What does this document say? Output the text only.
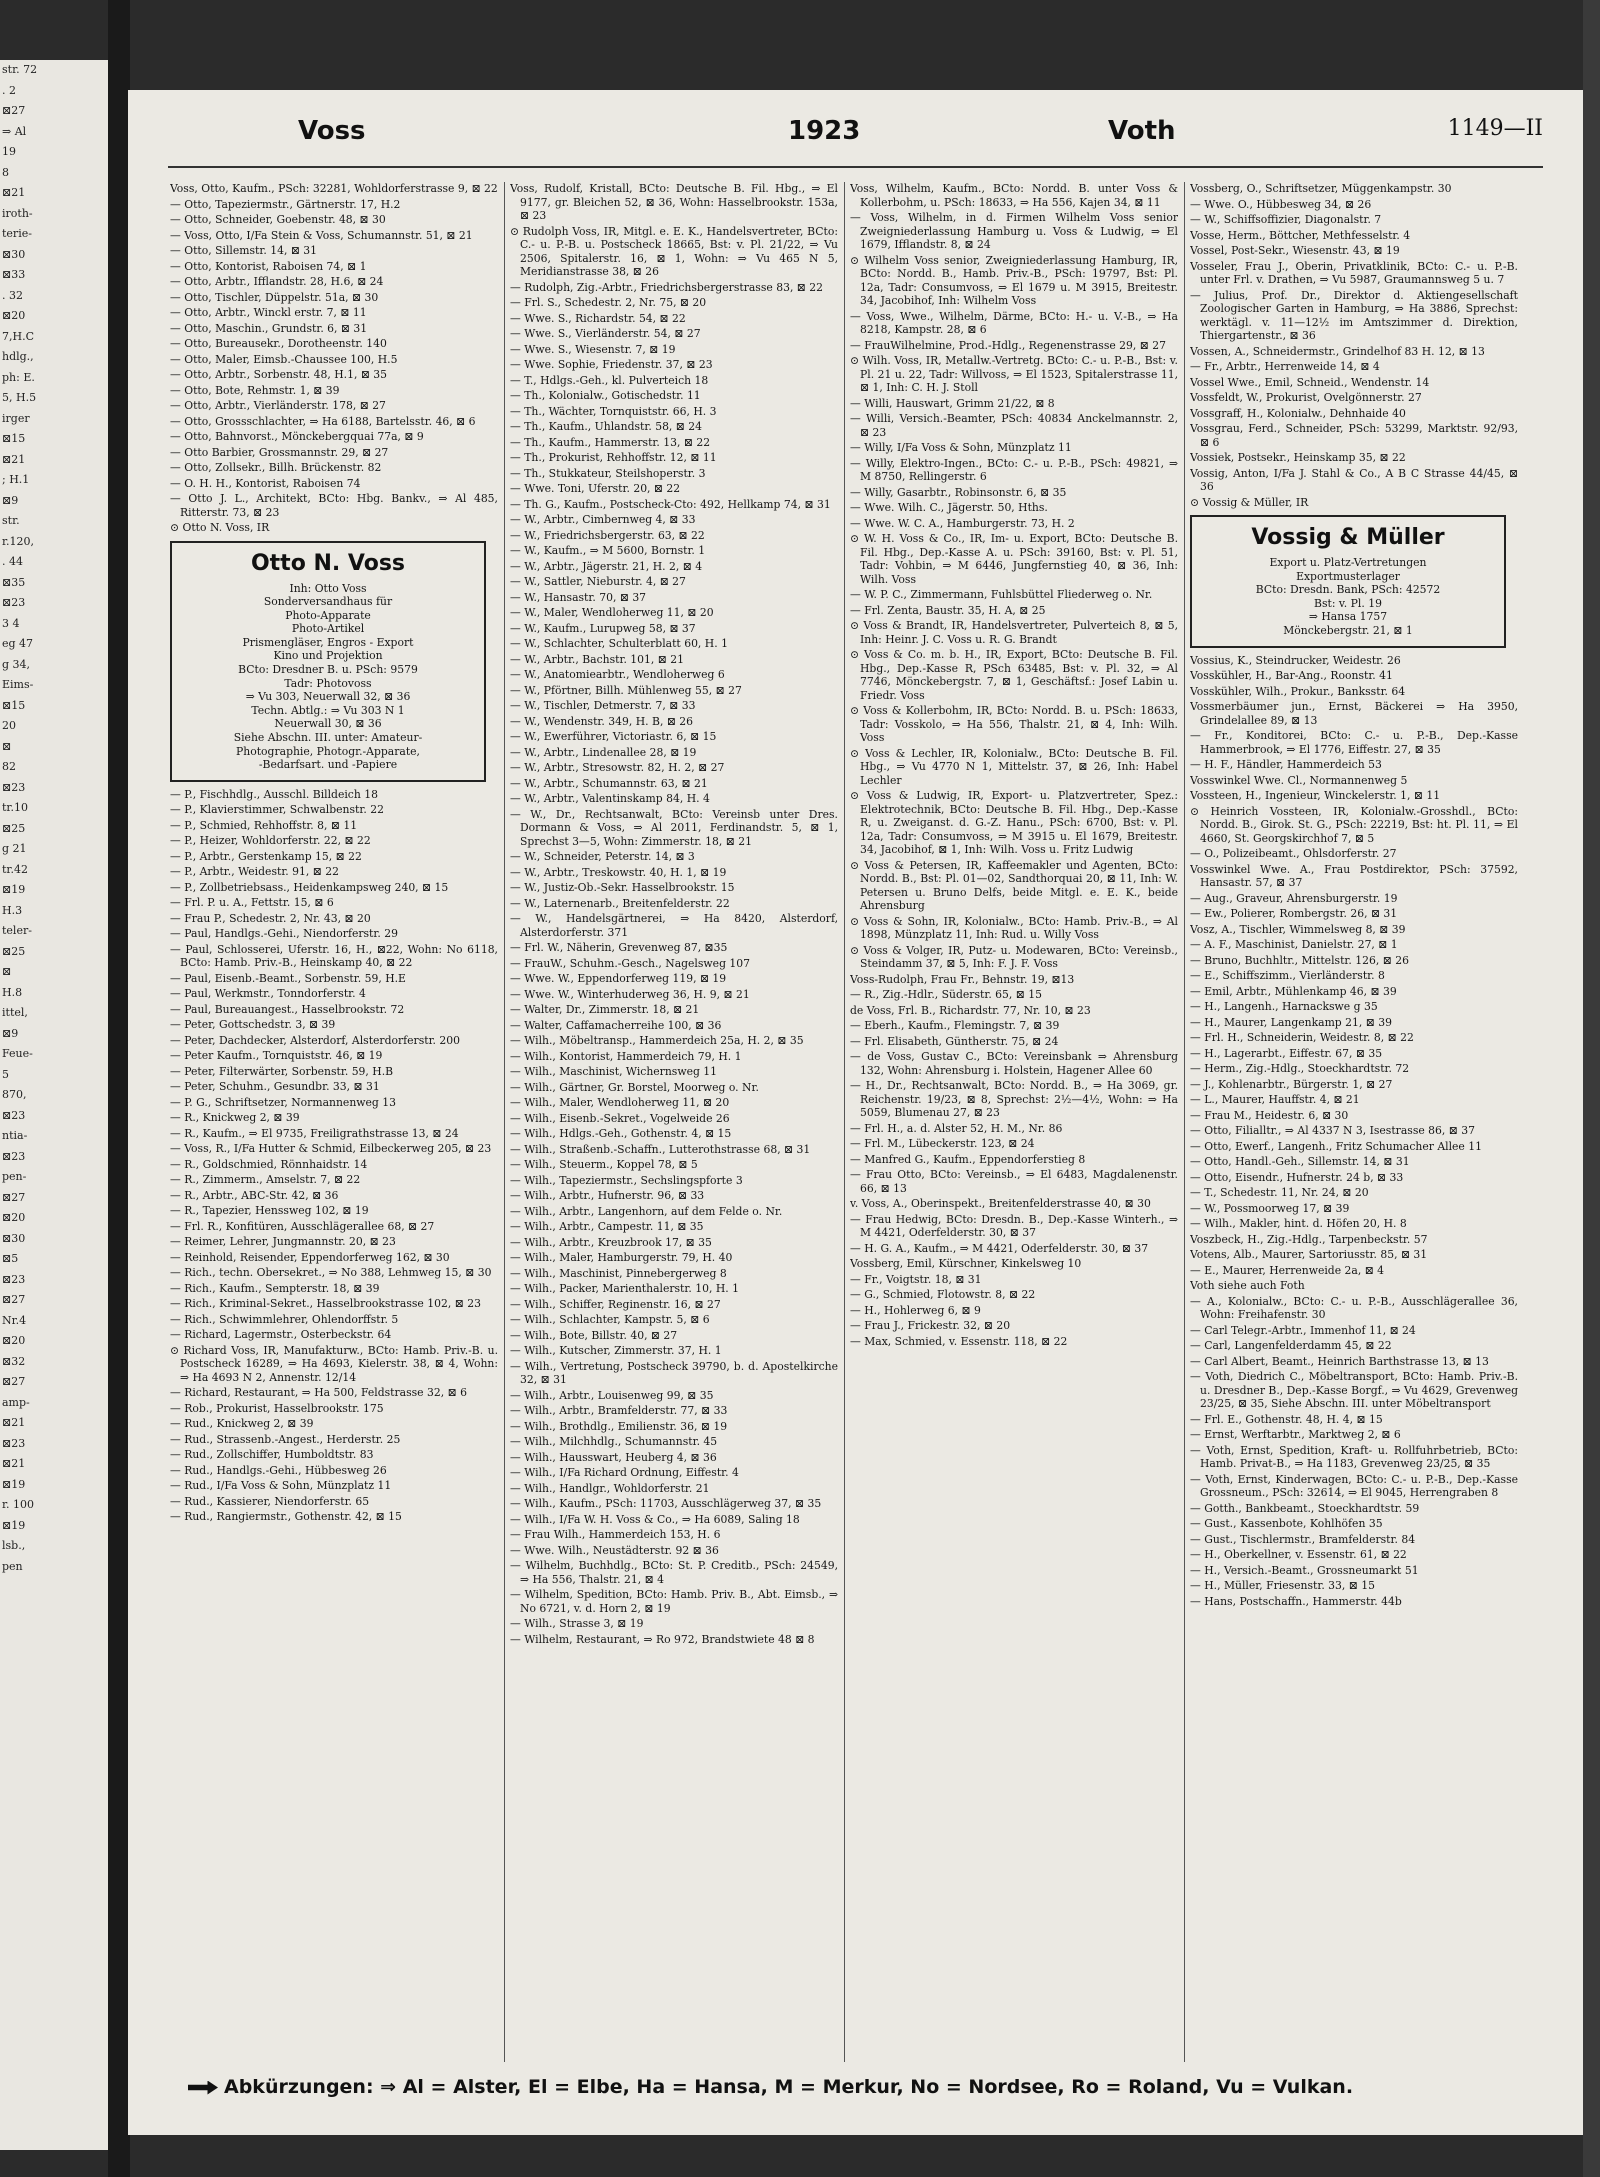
str. 72
. 2
⊠27
⇒ Al
19
8
⊠21
iroth-
terie-
⊠30
⊠33
. 32
⊠20
7,H.C
hdlg.,
ph: E.
5, H.5
irger
⊠15
⊠21
; H.1
⊠9
str.
r.120,
. 44
⊠35
⊠23
3 4
eg 47
g 34,
Eims-
⊠15
20
⊠
82
⊠23
tr.10
⊠25
g 21
tr.42
⊠19
H.3
teler-
⊠25
⊠
H.8
ittel,
⊠9
Feue-
5
870,
⊠23
ntia-
⊠23
pen-
⊠27
⊠20
⊠30
⊠5
⊠23
⊠27
Nr.4
⊠20
⊠32
⊠27
amp-
⊠21
⊠23
⊠21
⊠19
r. 100
⊠19
lsb.,
pen
Voss	1923	Voth	1149—II
Voss, Otto, Kaufm., PSch: 32281, Wohldorferstrasse 9, ⊠ 22
— Otto, Tapeziermstr., Gärtnerstr. 17, H.2
— Otto, Schneider, Goebenstr. 48, ⊠ 30
— Voss, Otto, I/Fa Stein & Voss, Schumannstr. 51, ⊠ 21
— Otto, Sillemstr. 14, ⊠ 31
— Otto, Kontorist, Raboisen 74, ⊠ 1
— Otto, Arbtr., Ifflandstr. 28, H.6, ⊠ 24
— Otto, Tischler, Düppelstr. 51a, ⊠ 30
— Otto, Arbtr., Winckl erstr. 7, ⊠ 11
— Otto, Maschin., Grundstr. 6, ⊠ 31
— Otto, Bureausekr., Dorotheenstr. 140
— Otto, Maler, Eimsb.-Chaussee 100, H.5
— Otto, Arbtr., Sorbenstr. 48, H.1, ⊠ 35
— Otto, Bote, Rehmstr. 1, ⊠ 39
— Otto, Arbtr., Vierländerstr. 178, ⊠ 27
— Otto, Grossschlachter, ⇒ Ha 6188, Bartelsstr. 46, ⊠ 6
— Otto, Bahnvorst., Mönckebergquai 77a, ⊠ 9
— Otto Barbier, Grossmannstr. 29, ⊠ 27
— Otto, Zollsekr., Billh. Brückenstr. 82
— O. H. H., Kontorist, Raboisen 74
— Otto J. L., Architekt, BCto: Hbg. Bankv., ⇒ Al 485, Ritterstr. 73, ⊠ 23
⊙ Otto N. Voss, IR
Otto N. Voss
Inh: Otto Voss
Sonderversandhaus für
Photo-Apparate
Photo-Artikel
Prismengläser, Engros - Export
Kino und Projektion
BCto: Dresdner B. u. PSch: 9579
Tadr: Photovoss
⇒ Vu 303, Neuerwall 32, ⊠ 36
Techn. Abtlg.: ⇒ Vu 303 N 1
Neuerwall 30, ⊠ 36
Siehe Abschn. III. unter: Amateur-
Photographie, Photogr.-Apparate,
-Bedarfsart. und -Papiere
— P., Fischhdlg., Ausschl. Billdeich 18
— P., Klavierstimmer, Schwalbenstr. 22
— P., Schmied, Rehhoffstr. 8, ⊠ 11
— P., Heizer, Wohldorferstr. 22, ⊠ 22
— P., Arbtr., Gerstenkamp 15, ⊠ 22
— P., Arbtr., Weidestr. 91, ⊠ 22
— P., Zollbetriebsass., Heidenkampsweg 240, ⊠ 15
— Frl. P. u. A., Fettstr. 15, ⊠ 6
— Frau P., Schedestr. 2, Nr. 43, ⊠ 20
— Paul, Handlgs.-Gehi., Niendorferstr. 29
— Paul, Schlosserei, Uferstr. 16, H., ⊠22, Wohn: No 6118, BCto: Hamb. Priv.-B., Heinskamp 40, ⊠ 22
— Paul, Eisenb.-Beamt., Sorbenstr. 59, H.E
— Paul, Werkmstr., Tonndorferstr. 4
— Paul, Bureauangest., Hasselbrookstr. 72
— Peter, Gottschedstr. 3, ⊠ 39
— Peter, Dachdecker, Alsterdorf, Alsterdorferstr. 200
— Peter Kaufm., Tornquiststr. 46, ⊠ 19
— Peter, Filterwärter, Sorbenstr. 59, H.B
— Peter, Schuhm., Gesundbr. 33, ⊠ 31
— P. G., Schriftsetzer, Normannenweg 13
— R., Knickweg 2, ⊠ 39
— R., Kaufm., ⇒ El 9735, Freiligrathstrasse 13, ⊠ 24
— Voss, R., I/Fa Hutter & Schmid, Eilbeckerweg 205, ⊠ 23
— R., Goldschmied, Rönnhaidstr. 14
— R., Zimmerm., Amselstr. 7, ⊠ 22
— R., Arbtr., ABC-Str. 42, ⊠ 36
— R., Tapezier, Henssweg 102, ⊠ 19
— Frl. R., Konfitüren, Ausschlägerallee 68, ⊠ 27
— Reimer, Lehrer, Jungmannstr. 20, ⊠ 23
— Reinhold, Reisender, Eppendorferweg 162, ⊠ 30
— Rich., techn. Obersekret., ⇒ No 388, Lehmweg 15, ⊠ 30
— Rich., Kaufm., Sempterstr. 18, ⊠ 39
— Rich., Kriminal-Sekret., Hasselbrookstrasse 102, ⊠ 23
— Rich., Schwimmlehrer, Ohlendorffstr. 5
— Richard, Lagermstr., Osterbeckstr. 64
⊙ Richard Voss, IR, Manufakturw., BCto: Hamb. Priv.-B. u. Postscheck 16289, ⇒ Ha 4693, Kielerstr. 38, ⊠ 4, Wohn: ⇒ Ha 4693 N 2, Annenstr. 12/14
— Richard, Restaurant, ⇒ Ha 500, Feldstrasse 32, ⊠ 6
— Rob., Prokurist, Hasselbrookstr. 175
— Rud., Knickweg 2, ⊠ 39
— Rud., Strassenb.-Angest., Herderstr. 25
— Rud., Zollschiffer, Humboldtstr. 83
— Rud., Handlgs.-Gehi., Hübbesweg 26
— Rud., I/Fa Voss & Sohn, Münzplatz 11
— Rud., Kassierer, Niendorferstr. 65
— Rud., Rangiermstr., Gothenstr. 42, ⊠ 15
Voss, Rudolf, Kristall, BCto: Deutsche B. Fil. Hbg., ⇒ El 9177, gr. Bleichen 52, ⊠ 36, Wohn: Hasselbrookstr. 153a, ⊠ 23
⊙ Rudolph Voss, IR, Mitgl. e. E. K., Handelsvertreter, BCto: C.- u. P.-B. u. Postscheck 18665, Bst: v. Pl. 21/22, ⇒ Vu 2506, Spitalerstr. 16, ⊠ 1, Wohn: ⇒ Vu 465 N 5, Meridianstrasse 38, ⊠ 26
— Rudolph, Zig.-Arbtr., Friedrichsbergerstrasse 83, ⊠ 22
— Frl. S., Schedestr. 2, Nr. 75, ⊠ 20
— Wwe. S., Richardstr. 54, ⊠ 22
— Wwe. S., Vierländerstr. 54, ⊠ 27
— Wwe. S., Wiesenstr. 7, ⊠ 19
— Wwe. Sophie, Friedenstr. 37, ⊠ 23
— T., Hdlgs.-Geh., kl. Pulverteich 18
— Th., Kolonialw., Gotischedstr. 11
— Th., Wächter, Tornquiststr. 66, H. 3
— Th., Kaufm., Uhlandstr. 58, ⊠ 24
— Th., Kaufm., Hammerstr. 13, ⊠ 22
— Th., Prokurist, Rehhoffstr. 12, ⊠ 11
— Th., Stukkateur, Steilshoperstr. 3
— Wwe. Toni, Uferstr. 20, ⊠ 22
— Th. G., Kaufm., Postscheck-Cto: 492, Hellkamp 74, ⊠ 31
— W., Arbtr., Cimbernweg 4, ⊠ 33
— W., Friedrichsbergerstr. 63, ⊠ 22
— W., Kaufm., ⇒ M 5600, Bornstr. 1
— W., Arbtr., Jägerstr. 21, H. 2, ⊠ 4
— W., Sattler, Nieburstr. 4, ⊠ 27
— W., Hansastr. 70, ⊠ 37
— W., Maler, Wendloherweg 11, ⊠ 20
— W., Kaufm., Lurupweg 58, ⊠ 37
— W., Schlachter, Schulterblatt 60, H. 1
— W., Arbtr., Bachstr. 101, ⊠ 21
— W., Anatomiearbtr., Wendloherweg 6
— W., Pförtner, Billh. Mühlenweg 55, ⊠ 27
— W., Tischler, Detmerstr. 7, ⊠ 33
— W., Wendenstr. 349, H. B, ⊠ 26
— W., Ewerführer, Victoriastr. 6, ⊠ 15
— W., Arbtr., Lindenallee 28, ⊠ 19
— W., Arbtr., Stresowstr. 82, H. 2, ⊠ 27
— W., Arbtr., Schumannstr. 63, ⊠ 21
— W., Arbtr., Valentinskamp 84, H. 4
— W., Dr., Rechtsanwalt, BCto: Vereinsb unter Dres. Dormann & Voss, ⇒ Al 2011, Ferdinandstr. 5, ⊠ 1, Sprechst 3—5, Wohn: Zimmerstr. 18, ⊠ 21
— W., Schneider, Peterstr. 14, ⊠ 3
— W., Arbtr., Treskowstr. 40, H. 1, ⊠ 19
— W., Justiz-Ob.-Sekr. Hasselbrookstr. 15
— W., Laternenarb., Breitenfelderstr. 22
— W., Handelsgärtnerei, ⇒ Ha 8420, Alsterdorf, Alsterdorferstr. 371
— Frl. W., Näherin, Grevenweg 87, ⊠35
— FrauW., Schuhm.-Gesch., Nagelsweg 107
— Wwe. W., Eppendorferweg 119, ⊠ 19
— Wwe. W., Winterhuderweg 36, H. 9, ⊠ 21
— Walter, Dr., Zimmerstr. 18, ⊠ 21
— Walter, Caffamacherreihe 100, ⊠ 36
— Wilh., Möbeltransp., Hammerdeich 25a, H. 2, ⊠ 35
— Wilh., Kontorist, Hammerdeich 79, H. 1
— Wilh., Maschinist, Wichernsweg 11
— Wilh., Gärtner, Gr. Borstel, Moorweg o. Nr.
— Wilh., Maler, Wendloherweg 11, ⊠ 20
— Wilh., Eisenb.-Sekret., Vogelweide 26
— Wilh., Hdlgs.-Geh., Gothenstr. 4, ⊠ 15
— Wilh., Straßenb.-Schaffn., Lutterothstrasse 68, ⊠ 31
— Wilh., Steuerm., Koppel 78, ⊠ 5
— Wilh., Tapeziermstr., Sechslingspforte 3
— Wilh., Arbtr., Hufnerstr. 96, ⊠ 33
— Wilh., Arbtr., Langenhorn, auf dem Felde o. Nr.
— Wilh., Arbtr., Campestr. 11, ⊠ 35
— Wilh., Arbtr., Kreuzbrook 17, ⊠ 35
— Wilh., Maler, Hamburgerstr. 79, H. 40
— Wilh., Maschinist, Pinnebergerweg 8
— Wilh., Packer, Marienthalerstr. 10, H. 1
— Wilh., Schiffer, Reginenstr. 16, ⊠ 27
— Wilh., Schlachter, Kampstr. 5, ⊠ 6
— Wilh., Bote, Billstr. 40, ⊠ 27
— Wilh., Kutscher, Zimmerstr. 37, H. 1
— Wilh., Vertretung, Postscheck 39790, b. d. Apostelkirche 32, ⊠ 31
— Wilh., Arbtr., Louisenweg 99, ⊠ 35
— Wilh., Arbtr., Bramfelderstr. 77, ⊠ 33
— Wilh., Brothdlg., Emilienstr. 36, ⊠ 19
— Wilh., Milchhdlg., Schumannstr. 45
— Wilh., Hausswart, Heuberg 4, ⊠ 36
— Wilh., I/Fa Richard Ordnung, Eiffestr. 4
— Wilh., Handlgr., Wohldorferstr. 21
— Wilh., Kaufm., PSch: 11703, Ausschlägerweg 37, ⊠ 35
— Wilh., I/Fa W. H. Voss & Co., ⇒ Ha 6089, Saling 18
— Frau Wilh., Hammerdeich 153, H. 6
— Wwe. Wilh., Neustädterstr. 92 ⊠ 36
— Wilhelm, Buchhdlg., BCto: St. P. Creditb., PSch: 24549, ⇒ Ha 556, Thalstr. 21, ⊠ 4
— Wilhelm, Spedition, BCto: Hamb. Priv. B., Abt. Eimsb., ⇒ No 6721, v. d. Horn 2, ⊠ 19
— Wilh., Strasse 3, ⊠ 19
— Wilhelm, Restaurant, ⇒ Ro 972, Brandstwiete 48 ⊠ 8
Voss, Wilhelm, Kaufm., BCto: Nordd. B. unter Voss & Kollerbohm, u. PSch: 18633, ⇒ Ha 556, Kajen 34, ⊠ 11
— Voss, Wilhelm, in d. Firmen Wilhelm Voss senior Zweigniederlassung Hamburg u. Voss & Ludwig, ⇒ El 1679, Ifflandstr. 8, ⊠ 24
⊙ Wilhelm Voss senior, Zweigniederlassung Hamburg, IR, BCto: Nordd. B., Hamb. Priv.-B., PSch: 19797, Bst: Pl. 12a, Tadr: Consumvoss, ⇒ El 1679 u. M 3915, Breitestr. 34, Jacobihof, Inh: Wilhelm Voss
— Voss, Wwe., Wilhelm, Därme, BCto: H.- u. V.-B., ⇒ Ha 8218, Kampstr. 28, ⊠ 6
— FrauWilhelmine, Prod.-Hdlg., Regenenstrasse 29, ⊠ 27
⊙ Wilh. Voss, IR, Metallw.-Vertretg. BCto: C.- u. P.-B., Bst: v. Pl. 21 u. 22, Tadr: Willvoss, ⇒ El 1523, Spitalerstrasse 11, ⊠ 1, Inh: C. H. J. Stoll
— Willi, Hauswart, Grimm 21/22, ⊠ 8
— Willi, Versich.-Beamter, PSch: 40834 Anckelmannstr. 2, ⊠ 23
— Willy, I/Fa Voss & Sohn, Münzplatz 11
— Willy, Elektro-Ingen., BCto: C.- u. P.-B., PSch: 49821, ⇒ M 8750, Rellingerstr. 6
— Willy, Gasarbtr., Robinsonstr. 6, ⊠ 35
— Wwe. Wilh. C., Jägerstr. 50, Hths.
— Wwe. W. C. A., Hamburgerstr. 73, H. 2
⊙ W. H. Voss & Co., IR, Im- u. Export, BCto: Deutsche B. Fil. Hbg., Dep.-Kasse A. u. PSch: 39160, Bst: v. Pl. 51, Tadr: Vohbin, ⇒ M 6446, Jungfernstieg 40, ⊠ 36, Inh: Wilh. Voss
— W. P. C., Zimmermann, Fuhlsbüttel Fliederweg o. Nr.
— Frl. Zenta, Baustr. 35, H. A, ⊠ 25
⊙ Voss & Brandt, IR, Handelsvertreter, Pulverteich 8, ⊠ 5, Inh: Heinr. J. C. Voss u. R. G. Brandt
⊙ Voss & Co. m. b. H., IR, Export, BCto: Deutsche B. Fil. Hbg., Dep.-Kasse R, PSch 63485, Bst: v. Pl. 32, ⇒ Al 7746, Mönckebergstr. 7, ⊠ 1, Geschäftsf.: Josef Labin u. Friedr. Voss
⊙ Voss & Kollerbohm, IR, BCto: Nordd. B. u. PSch: 18633, Tadr: Vosskolo, ⇒ Ha 556, Thalstr. 21, ⊠ 4, Inh: Wilh. Voss
⊙ Voss & Lechler, IR, Kolonialw., BCto: Deutsche B. Fil. Hbg., ⇒ Vu 4770 N 1, Mittelstr. 37, ⊠ 26, Inh: Habel Lechler
⊙ Voss & Ludwig, IR, Export- u. Platzvertreter, Spez.: Elektrotechnik, BCto: Deutsche B. Fil. Hbg., Dep.-Kasse R, u. Zweiganst. d. G.-Z. Hanu., PSch: 6700, Bst: v. Pl. 12a, Tadr: Consumvoss, ⇒ M 3915 u. El 1679, Breitestr. 34, Jacobihof, ⊠ 1, Inh: Wilh. Voss u. Fritz Ludwig
⊙ Voss & Petersen, IR, Kaffeemakler und Agenten, BCto: Nordd. B., Bst: Pl. 01—02, Sandthorquai 20, ⊠ 11, Inh: W. Petersen u. Bruno Delfs, beide Mitgl. e. E. K., beide Ahrensburg
⊙ Voss & Sohn, IR, Kolonialw., BCto: Hamb. Priv.-B., ⇒ Al 1898, Münzplatz 11, Inh: Rud. u. Willy Voss
⊙ Voss & Volger, IR, Putz- u. Modewaren, BCto: Vereinsb., Steindamm 37, ⊠ 5, Inh: F. J. F. Voss
Voss-Rudolph, Frau Fr., Behnstr. 19, ⊠13
— R., Zig.-Hdlr., Süderstr. 65, ⊠ 15
de Voss, Frl. B., Richardstr. 77, Nr. 10, ⊠ 23
— Eberh., Kaufm., Flemingstr. 7, ⊠ 39
— Frl. Elisabeth, Güntherstr. 75, ⊠ 24
— de Voss, Gustav C., BCto: Vereinsbank ⇒ Ahrensburg 132, Wohn: Ahrensburg i. Holstein, Hagener Allee 60
— H., Dr., Rechtsanwalt, BCto: Nordd. B., ⇒ Ha 3069, gr. Reichenstr. 19/23, ⊠ 8, Sprechst: 2½—4½, Wohn: ⇒ Ha 5059, Blumenau 27, ⊠ 23
— Frl. H., a. d. Alster 52, H. M., Nr. 86
— Frl. M., Lübeckerstr. 123, ⊠ 24
— Manfred G., Kaufm., Eppendorferstieg 8
— Frau Otto, BCto: Vereinsb., ⇒ El 6483, Magdalenenstr. 66, ⊠ 13
v. Voss, A., Oberinspekt., Breitenfelderstrasse 40, ⊠ 30
— Frau Hedwig, BCto: Dresdn. B., Dep.-Kasse Winterh., ⇒ M 4421, Oderfelderstr. 30, ⊠ 37
— H. G. A., Kaufm., ⇒ M 4421, Oderfelderstr. 30, ⊠ 37
Vossberg, Emil, Kürschner, Kinkelsweg 10
— Fr., Voigtstr. 18, ⊠ 31
— G., Schmied, Flotowstr. 8, ⊠ 22
— H., Hohlerweg 6, ⊠ 9
— Frau J., Frickestr. 32, ⊠ 20
— Max, Schmied, v. Essenstr. 118, ⊠ 22
Vossberg, O., Schriftsetzer, Müggenkampstr. 30
— Wwe. O., Hübbesweg 34, ⊠ 26
— W., Schiffsoffizier, Diagonalstr. 7
Vosse, Herm., Böttcher, Methfesselstr. 4
Vossel, Post-Sekr., Wiesenstr. 43, ⊠ 19
Vosseler, Frau J., Oberin, Privatklinik, BCto: C.- u. P.-B. unter Frl. v. Drathen, ⇒ Vu 5987, Graumannsweg 5 u. 7
— Julius, Prof. Dr., Direktor d. Aktiengesellschaft Zoologischer Garten in Hamburg, ⇒ Ha 3886, Sprechst: werktägl. v. 11—12½ im Amtszimmer d. Direktion, Thiergartenstr., ⊠ 36
Vossen, A., Schneidermstr., Grindelhof 83 H. 12, ⊠ 13
— Fr., Arbtr., Herrenweide 14, ⊠ 4
Vossel Wwe., Emil, Schneid., Wendenstr. 14
Vossfeldt, W., Prokurist, Ovelgönnerstr. 27
Vossgraff, H., Kolonialw., Dehnhaide 40
Vossgrau, Ferd., Schneider, PSch: 53299, Marktstr. 92/93, ⊠ 6
Vossiek, Postsekr., Heinskamp 35, ⊠ 22
Vossig, Anton, I/Fa J. Stahl & Co., A B C Strasse 44/45, ⊠ 36
⊙ Vossig & Müller, IR
Vossig & Müller
Export u. Platz-Vertretungen
Exportmusterlager
BCto: Dresdn. Bank, PSch: 42572
Bst: v. Pl. 19
⇒ Hansa 1757
Mönckebergstr. 21, ⊠ 1
Vossius, K., Steindrucker, Weidestr. 26
Vosskühler, H., Bar-Ang., Roonstr. 41
Vosskühler, Wilh., Prokur., Banksstr. 64
Vossmerbäumer jun., Ernst, Bäckerei ⇒ Ha 3950, Grindelallee 89, ⊠ 13
— Fr., Konditorei, BCto: C.- u. P.-B., Dep.-Kasse Hammerbrook, ⇒ El 1776, Eiffestr. 27, ⊠ 35
— H. F., Händler, Hammerdeich 53
Vosswinkel Wwe. Cl., Normannenweg 5
Vossteen, H., Ingenieur, Winckelerstr. 1, ⊠ 11
⊙ Heinrich Vossteen, IR, Kolonialw.-Grosshdl., BCto: Nordd. B., Girok. St. G., PSch: 22219, Bst: ht. Pl. 11, ⇒ El 4660, St. Georgskirchhof 7, ⊠ 5
— O., Polizeibeamt., Ohlsdorferstr. 27
Vosswinkel Wwe. A., Frau Postdirektor, PSch: 37592, Hansastr. 57, ⊠ 37
— Aug., Graveur, Ahrensburgerstr. 19
— Ew., Polierer, Rombergstr. 26, ⊠ 31
Vosz, A., Tischler, Wimmelsweg 8, ⊠ 39
— A. F., Maschinist, Danielstr. 27, ⊠ 1
— Bruno, Buchhltr., Mittelstr. 126, ⊠ 26
— E., Schiffszimm., Vierländerstr. 8
— Emil, Arbtr., Mühlenkamp 46, ⊠ 39
— H., Langenh., Harnackswe g 35
— H., Maurer, Langenkamp 21, ⊠ 39
— Frl. H., Schneiderin, Weidestr. 8, ⊠ 22
— H., Lagerarbt., Eiffestr. 67, ⊠ 35
— Herm., Zig.-Hdlg., Stoeckhardtstr. 72
— J., Kohlenarbtr., Bürgerstr. 1, ⊠ 27
— L., Maurer, Hauffstr. 4, ⊠ 21
— Frau M., Heidestr. 6, ⊠ 30
— Otto, Filialltr., ⇒ Al 4337 N 3, Isestrasse 86, ⊠ 37
— Otto, Ewerf., Langenh., Fritz Schumacher Allee 11
— Otto, Handl.-Geh., Sillemstr. 14, ⊠ 31
— Otto, Eisendr., Hufnerstr. 24 b, ⊠ 33
— T., Schedestr. 11, Nr. 24, ⊠ 20
— W., Possmoorweg 17, ⊠ 39
— Wilh., Makler, hint. d. Höfen 20, H. 8
Voszbeck, H., Zig.-Hdlg., Tarpenbeckstr. 57
Votens, Alb., Maurer, Sartoriusstr. 85, ⊠ 31
— E., Maurer, Herrenweide 2a, ⊠ 4
Voth siehe auch Foth
— A., Kolonialw., BCto: C.- u. P.-B., Ausschlägerallee 36, Wohn: Freihafenstr. 30
— Carl Telegr.-Arbtr., Immenhof 11, ⊠ 24
— Carl, Langenfelderdamm 45, ⊠ 22
— Carl Albert, Beamt., Heinrich Barthstrasse 13, ⊠ 13
— Voth, Diedrich C., Möbeltransport, BCto: Hamb. Priv.-B. u. Dresdner B., Dep.-Kasse Borgf., ⇒ Vu 4629, Grevenweg 23/25, ⊠ 35, Siehe Abschn. III. unter Möbeltransport
— Frl. E., Gothenstr. 48, H. 4, ⊠ 15
— Ernst, Werftarbtr., Marktweg 2, ⊠ 6
— Voth, Ernst, Spedition, Kraft- u. Rollfuhrbetrieb, BCto: Hamb. Privat-B., ⇒ Ha 1183, Grevenweg 23/25, ⊠ 35
— Voth, Ernst, Kinderwagen, BCto: C.- u. P.-B., Dep.-Kasse Grossneum., PSch: 32614, ⇒ El 9045, Herrengraben 8
— Gotth., Bankbeamt., Stoeckhardtstr. 59
— Gust., Kassenbote, Kohlhöfen 35
— Gust., Tischlermstr., Bramfelderstr. 84
— H., Oberkellner, v. Essenstr. 61, ⊠ 22
— H., Versich.-Beamt., Grossneumarkt 51
— H., Müller, Friesenstr. 33, ⊠ 15
— Hans, Postschaffn., Hammerstr. 44b
Abkürzungen: ⇒ Al = Alster, El = Elbe, Ha = Hansa, M = Merkur, No = Nordsee, Ro = Roland, Vu = Vulkan.
